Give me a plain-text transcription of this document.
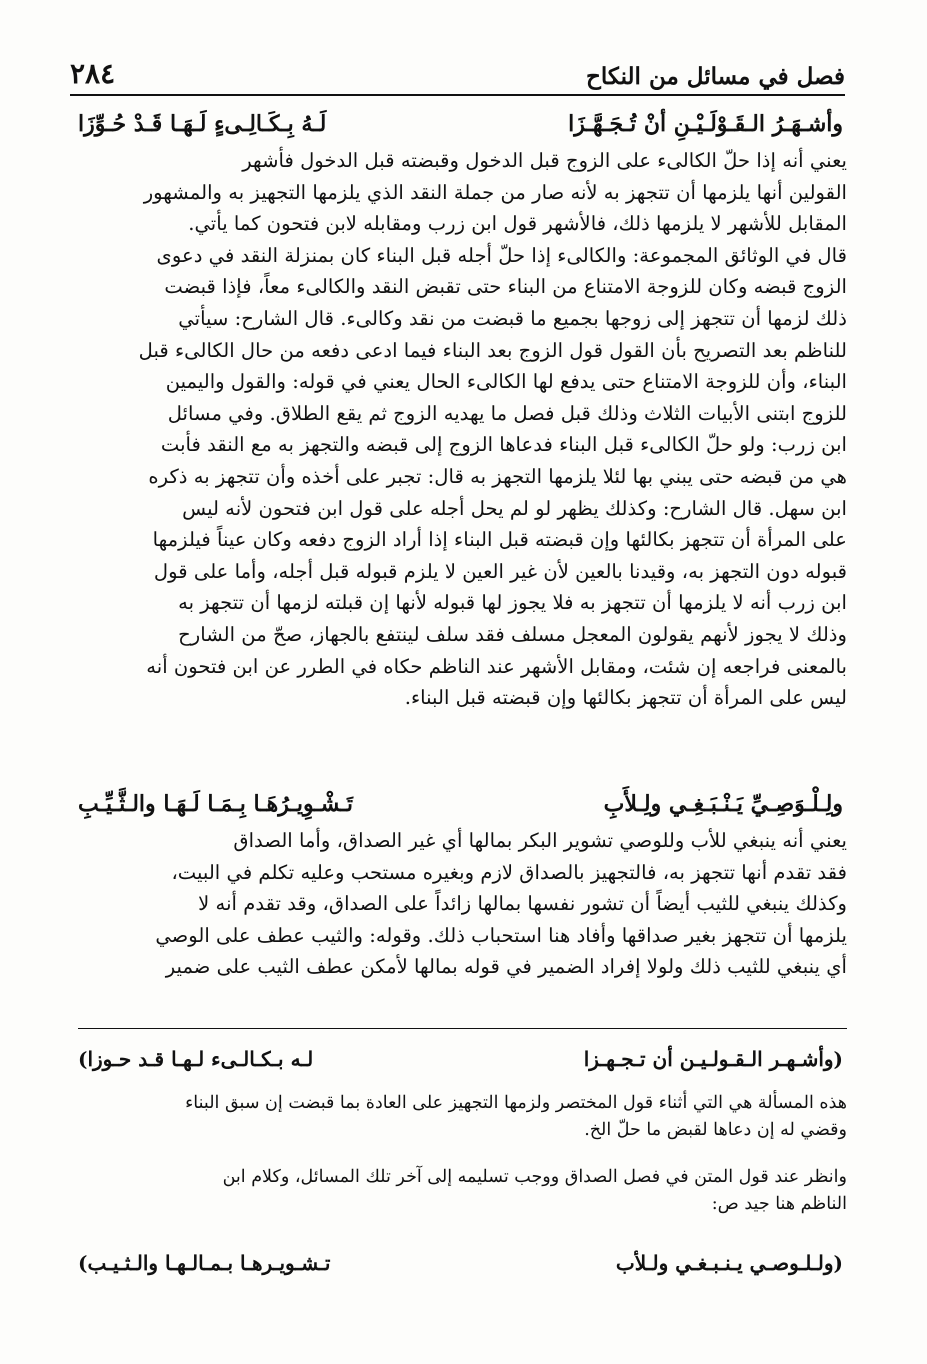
٢٨٤	فصل في مسائل من النكاح
وأشـهَـرُ الـقَـوْلَـيْـنِ أنْ تُـجَـهَّـزَا
لَـهُ بِـكَـالِـىءٍ لَـهَـا قَـدْ حُـوِّزَا
يعني أنه إذا حلّ الكالىء على الزوج قبل الدخول وقبضته قبل الدخول فأشهر
القولين أنها يلزمها أن تتجهز به لأنه صار من جملة النقد الذي يلزمها التجهيز به والمشهور
المقابل للأشهر لا يلزمها ذلك، فالأشهر قول ابن زرب ومقابله لابن فتحون كما يأتي.
قال في الوثائق المجموعة: والكالىء إذا حلّ أجله قبل البناء كان بمنزلة النقد في دعوى
الزوج قبضه وكان للزوجة الامتناع من البناء حتى تقبض النقد والكالىء معاً، فإذا قبضت
ذلك لزمها أن تتجهز إلى زوجها بجميع ما قبضت من نقد وكالىء. قال الشارح: سيأتي
للناظم بعد التصريح بأن القول قول الزوج بعد البناء فيما ادعى دفعه من حال الكالىء قبل
البناء، وأن للزوجة الامتناع حتى يدفع لها الكالىء الحال يعني في قوله: والقول واليمين
للزوج ابتنى الأبيات الثلاث وذلك قبل فصل ما يهديه الزوج ثم يقع الطلاق. وفي مسائل
ابن زرب: ولو حلّ الكالىء قبل البناء فدعاها الزوج إلى قبضه والتجهز به مع النقد فأبت
هي من قبضه حتى يبني بها لئلا يلزمها التجهز به قال: تجبر على أخذه وأن تتجهز به ذكره
ابن سهل. قال الشارح: وكذلك يظهر لو لم يحل أجله على قول ابن فتحون لأنه ليس
على المرأة أن تتجهز بكالئها وإن قبضته قبل البناء إذا أراد الزوج دفعه وكان عيناً فيلزمها
قبوله دون التجهز به، وقيدنا بالعين لأن غير العين لا يلزم قبوله قبل أجله، وأما على قول
ابن زرب أنه لا يلزمها أن تتجهز به فلا يجوز لها قبوله لأنها إن قبلته لزمها أن تتجهز به
وذلك لا يجوز لأنهم يقولون المعجل مسلف فقد سلف لينتفع بالجهاز، صحّ من الشارح
بالمعنى فراجعه إن شئت، ومقابل الأشهر عند الناظم حكاه في الطرر عن ابن فتحون أنه
ليس على المرأة أن تتجهز بكالئها وإن قبضته قبل البناء.
ولِـلْـوَصِـيِّ يَـنْـبَـغِـي ولِـلأَبِ
تَـشْـوِيـرُهَـا بِـمَـا لَـهَـا والـثَّـيِّـبِ
يعني أنه ينبغي للأب وللوصي تشوير البكر بمالها أي غير الصداق، وأما الصداق
فقد تقدم أنها تتجهز به، فالتجهيز بالصداق لازم وبغيره مستحب وعليه تكلم في البيت،
وكذلك ينبغي للثيب أيضاً أن تشور نفسها بمالها زائداً على الصداق، وقد تقدم أنه لا
يلزمها أن تتجهز بغير صداقها وأفاد هنا استحباب ذلك. وقوله: والثيب عطف على الوصي
أي ينبغي للثيب ذلك ولولا إفراد الضمير في قوله بمالها لأمكن عطف الثيب على ضمير
(وأشـهـر الـقـولـيـن أن تـجـهـزا
لـه بـكـالـىء لـهـا قـد حـوزا)
هذه المسألة هي التي أثناء قول المختصر ولزمها التجهيز على العادة بما قبضت إن سبق البناء
وقضي له إن دعاها لقبض ما حلّ الخ.
وانظر عند قول المتن في فصل الصداق ووجب تسليمه إلى آخر تلك المسائل، وكلام ابن
الناظم هنا جيد ص:
(ولـلـوصـي يـنـبـغـي ولـلأب
تـشـويـرهـا بـمـالـهـا والـثـيـب)
